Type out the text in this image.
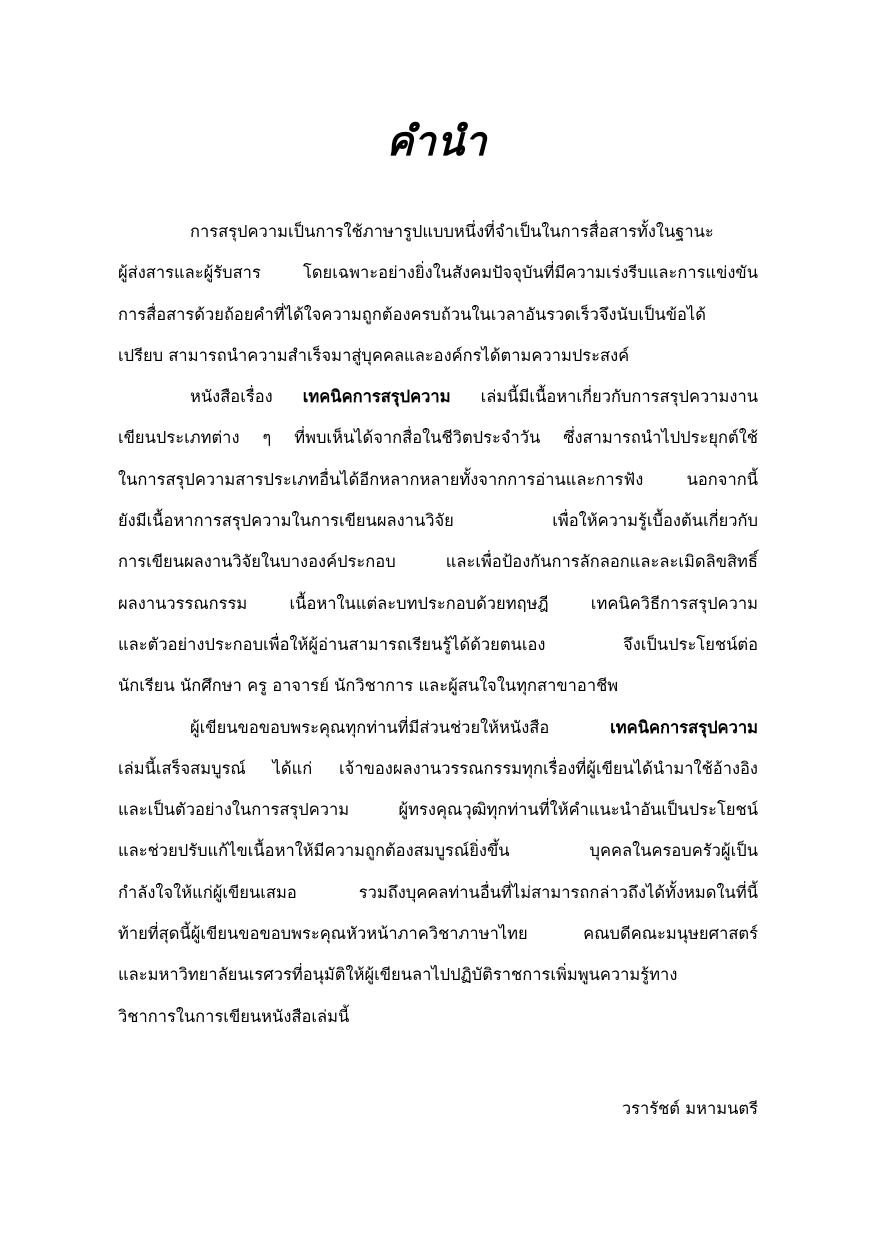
คำนำ
การสรุปความเป็นการใช้ภาษารูปแบบหนึ่งที่จำเป็นในการสื่อสารทั้งในฐานะ
ผู้ส่งสารและผู้รับสาร โดยเฉพาะอย่างยิ่งในสังคมปัจจุบันที่มีความเร่งรีบและการแข่งขัน
การสื่อสารด้วยถ้อยคำที่ได้ใจความถูกต้องครบถ้วนในเวลาอันรวดเร็วจึงนับเป็นข้อได้
เปรียบ สามารถนำความสำเร็จมาสู่บุคคลและองค์กรได้ตามความประสงค์
หนังสือเรื่อง เทคนิคการสรุปความ เล่มนี้มีเนื้อหาเกี่ยวกับการสรุปความงาน
เขียนประเภทต่าง ๆ ที่พบเห็นได้จากสื่อในชีวิตประจำวัน ซึ่งสามารถนำไปประยุกต์ใช้
ในการสรุปความสารประเภทอื่นได้อีกหลากหลายทั้งจากการอ่านและการฟัง นอกจากนี้
ยังมีเนื้อหาการสรุปความในการเขียนผลงานวิจัย เพื่อให้ความรู้เบื้องต้นเกี่ยวกับ
การเขียนผลงานวิจัยในบางองค์ประกอบ และเพื่อป้องกันการลักลอกและละเมิดลิขสิทธิ์
ผลงานวรรณกรรม เนื้อหาในแต่ละบทประกอบด้วยทฤษฎี เทคนิควิธีการสรุปความ
และตัวอย่างประกอบเพื่อให้ผู้อ่านสามารถเรียนรู้ได้ด้วยตนเอง จึงเป็นประโยชน์ต่อ
นักเรียน นักศึกษา ครู อาจารย์ นักวิชาการ และผู้สนใจในทุกสาขาอาชีพ
ผู้เขียนขอขอบพระคุณทุกท่านที่มีส่วนช่วยให้หนังสือ เทคนิคการสรุปความ
เล่มนี้เสร็จสมบูรณ์ ได้แก่ เจ้าของผลงานวรรณกรรมทุกเรื่องที่ผู้เขียนได้นำมาใช้อ้างอิง
และเป็นตัวอย่างในการสรุปความ ผู้ทรงคุณวุฒิทุกท่านที่ให้คำแนะนำอันเป็นประโยชน์
และช่วยปรับแก้ไขเนื้อหาให้มีความถูกต้องสมบูรณ์ยิ่งขึ้น บุคคลในครอบครัวผู้เป็น
กำลังใจให้แก่ผู้เขียนเสมอ รวมถึงบุคคลท่านอื่นที่ไม่สามารถกล่าวถึงได้ทั้งหมดในที่นี้
ท้ายที่สุดนี้ผู้เขียนขอขอบพระคุณหัวหน้าภาควิชาภาษาไทย คณบดีคณะมนุษยศาสตร์
และมหาวิทยาลัยนเรศวรที่อนุมัติให้ผู้เขียนลาไปปฏิบัติราชการเพิ่มพูนความรู้ทาง
วิชาการในการเขียนหนังสือเล่มนี้
วรารัชต์ มหามนตรี
